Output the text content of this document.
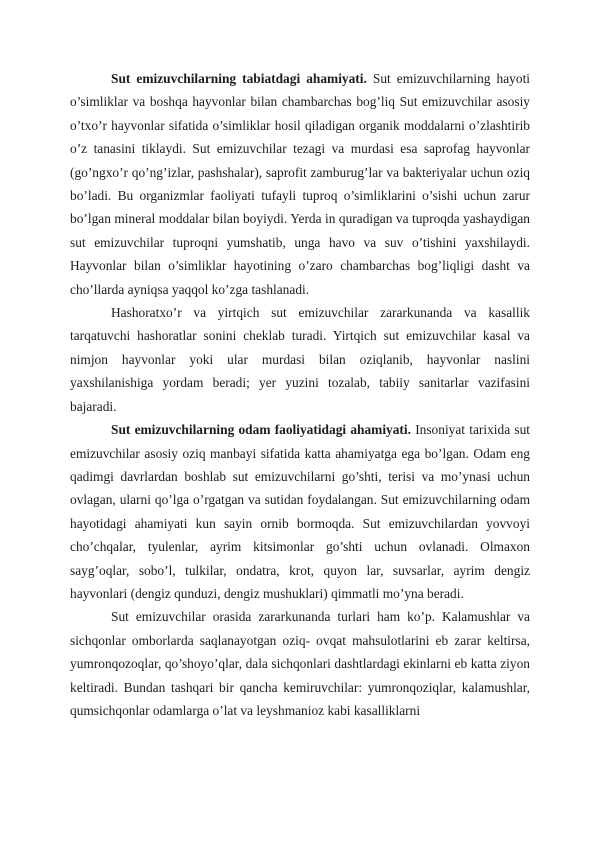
Sut emizuvchilarning tabiatdagi ahamiyati. Sut emizuvchilarning hayoti o’simliklar va boshqa hayvonlar bilan chambarchas bog’liq Sut emizuvchilar asosiy o’txo’r hayvonlar sifatida o’simliklar hosil qiladigan organik moddalarni o’zlashtirib o’z tanasini tiklaydi. Sut emizuvchilar tezagi va murdasi esa saprofag hayvonlar (go’ngxo’r qo’ng’izlar, pashshalar), saprofit zamburug’lar va bakteriyalar uchun oziq bo’ladi. Bu organizmlar faoliyati tufayli tuproq o’simliklarini o’sishi uchun zarur bo’lgan mineral moddalar bilan boyiydi. Yerda in quradigan va tuproqda yashaydigan sut emizuvchilar tuproqni yumshatib, unga havo va suv o’tishini yaxshilaydi. Hayvonlar bilan o’simliklar hayotining o’zaro chambarchas bog’liqligi dasht va cho’llarda ayniqsa yaqqol ko’zga tashlanadi.

Hashoratxo’r va yirtqich sut emizuvchilar zararkunanda va kasallik tarqatuvchi hashoratlar sonini cheklab turadi. Yirtqich sut emizuvchilar kasal va nimjon hayvonlar yoki ular murdasi bilan oziqlanib, hayvonlar naslini yaxshilanishiga yordam beradi; yer yuzini tozalab, tabiiy sanitarlar vazifasini bajaradi.

Sut emizuvchilarning odam faoliyatidagi ahamiyati. Insoniyat tarixida sut emizuvchilar asosiy oziq manbayi sifatida katta ahamiyatga ega bo’lgan. Odam eng qadimgi davrlardan boshlab sut emizuvchilarni go’shti, terisi va mo’ynasi uchun ovlagan, ularni qo’lga o’rgatgan va sutidan foydalangan. Sut emizuvchilarning odam hayotidagi ahamiyati kun sayin ornib bormoqda. Sut emizuvchilardan yovvoyi cho’chqalar, tyulenlar, ayrim kitsimonlar go’shti uchun ovlanadi. Olmaxon sayg’oqlar, sobo’l, tulkilar, ondatra, krot, quyon lar, suvsarlar, ayrim dengiz hayvonlari (dengiz qunduzi, dengiz mushuklari) qimmatli mo’yna beradi.

Sut emizuvchilar orasida zararkunanda turlari ham ko’p. Kalamushlar va sichqonlar omborlarda saqlanayotgan oziq- ovqat mahsulotlarini eb zarar keltirsa, yumronqozoqlar, qo’shoyo’qlar, dala sichqonlari dashtlardagi ekinlarni eb katta ziyon keltiradi. Bundan tashqari bir qancha kemiruvchilar: yumronqoziqlar, kalamushlar, qumsichqonlar odamlarga o’lat va leyshmanioz kabi kasalliklarni
